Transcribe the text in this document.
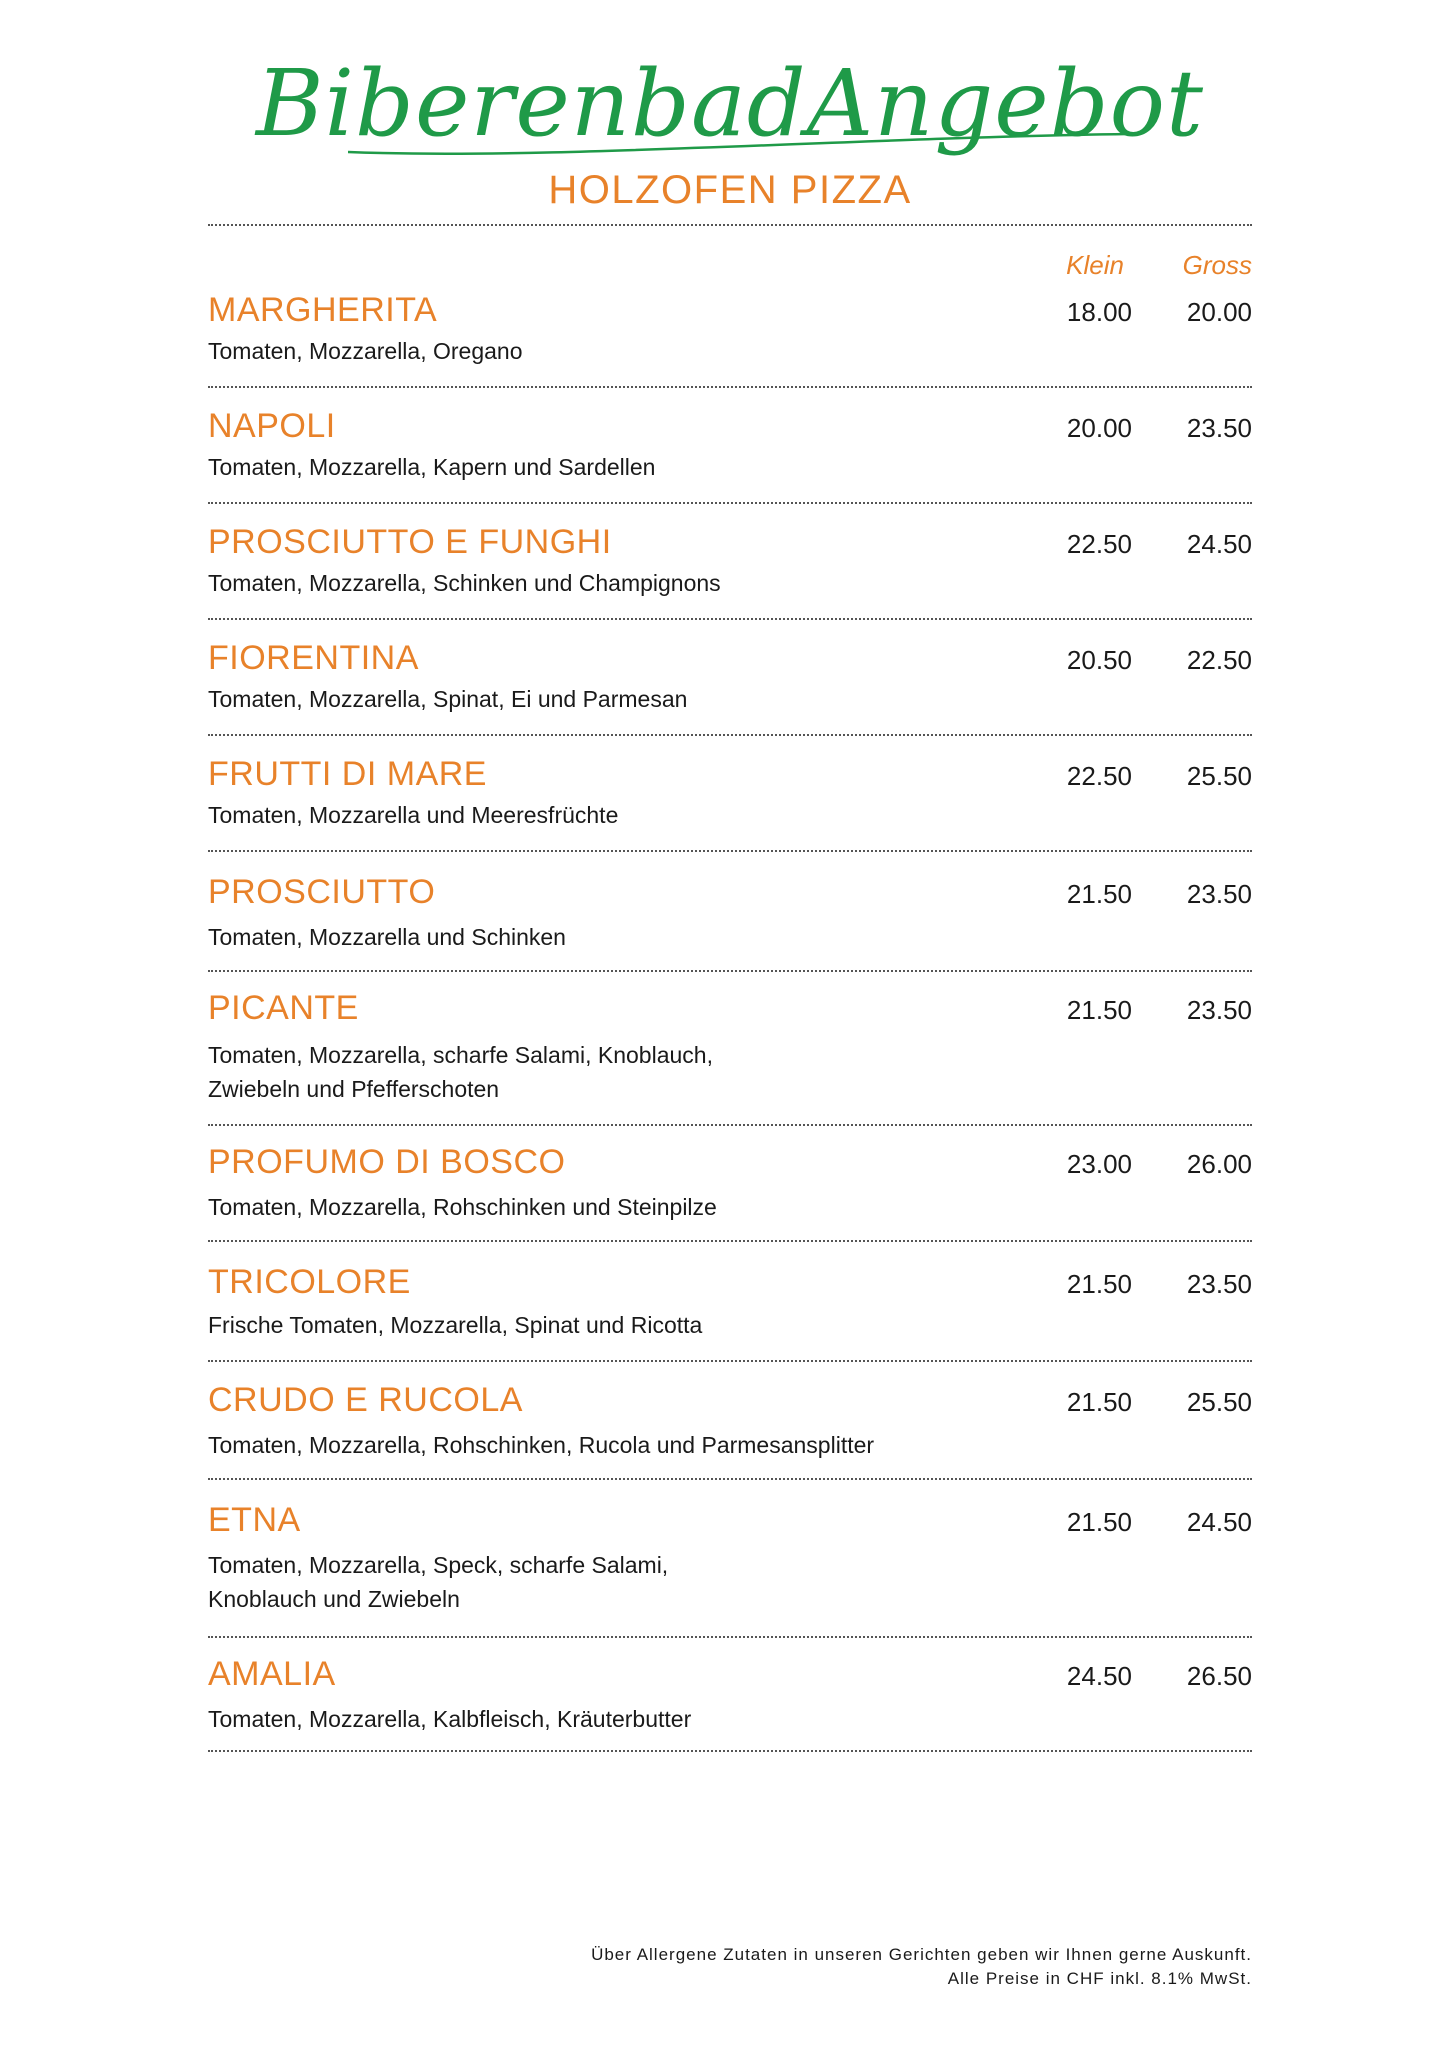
BiberenbadAngebot
HOLZOFEN PIZZA
Klein Gross
MARGHERITA	18.00	20.00
Tomaten, Mozzarella, Oregano
NAPOLI	20.00	23.50
Tomaten, Mozzarella, Kapern und Sardellen
PROSCIUTTO E FUNGHI	22.50	24.50
Tomaten, Mozzarella, Schinken und Champignons
FIORENTINA	20.50	22.50
Tomaten, Mozzarella, Spinat, Ei und Parmesan
FRUTTI DI MARE	22.50	25.50
Tomaten, Mozzarella und Meeresfrüchte
PROSCIUTTO	21.50	23.50
Tomaten, Mozzarella und Schinken
PICANTE	21.50	23.50
Tomaten, Mozzarella, scharfe Salami, Knoblauch,
Zwiebeln und Pfefferschoten
PROFUMO DI BOSCO	23.00	26.00
Tomaten, Mozzarella, Rohschinken und Steinpilze
TRICOLORE	21.50	23.50
Frische Tomaten, Mozzarella, Spinat und Ricotta
CRUDO E RUCOLA	21.50	25.50
Tomaten, Mozzarella, Rohschinken, Rucola und Parmesansplitter
ETNA	21.50	24.50
Tomaten, Mozzarella, Speck, scharfe Salami,
Knoblauch und Zwiebeln
AMALIA	24.50	26.50
Tomaten, Mozzarella, Kalbfleisch, Kräuterbutter
Über Allergene Zutaten in unseren Gerichten geben wir Ihnen gerne Auskunft.
Alle Preise in CHF inkl. 8.1% MwSt.
